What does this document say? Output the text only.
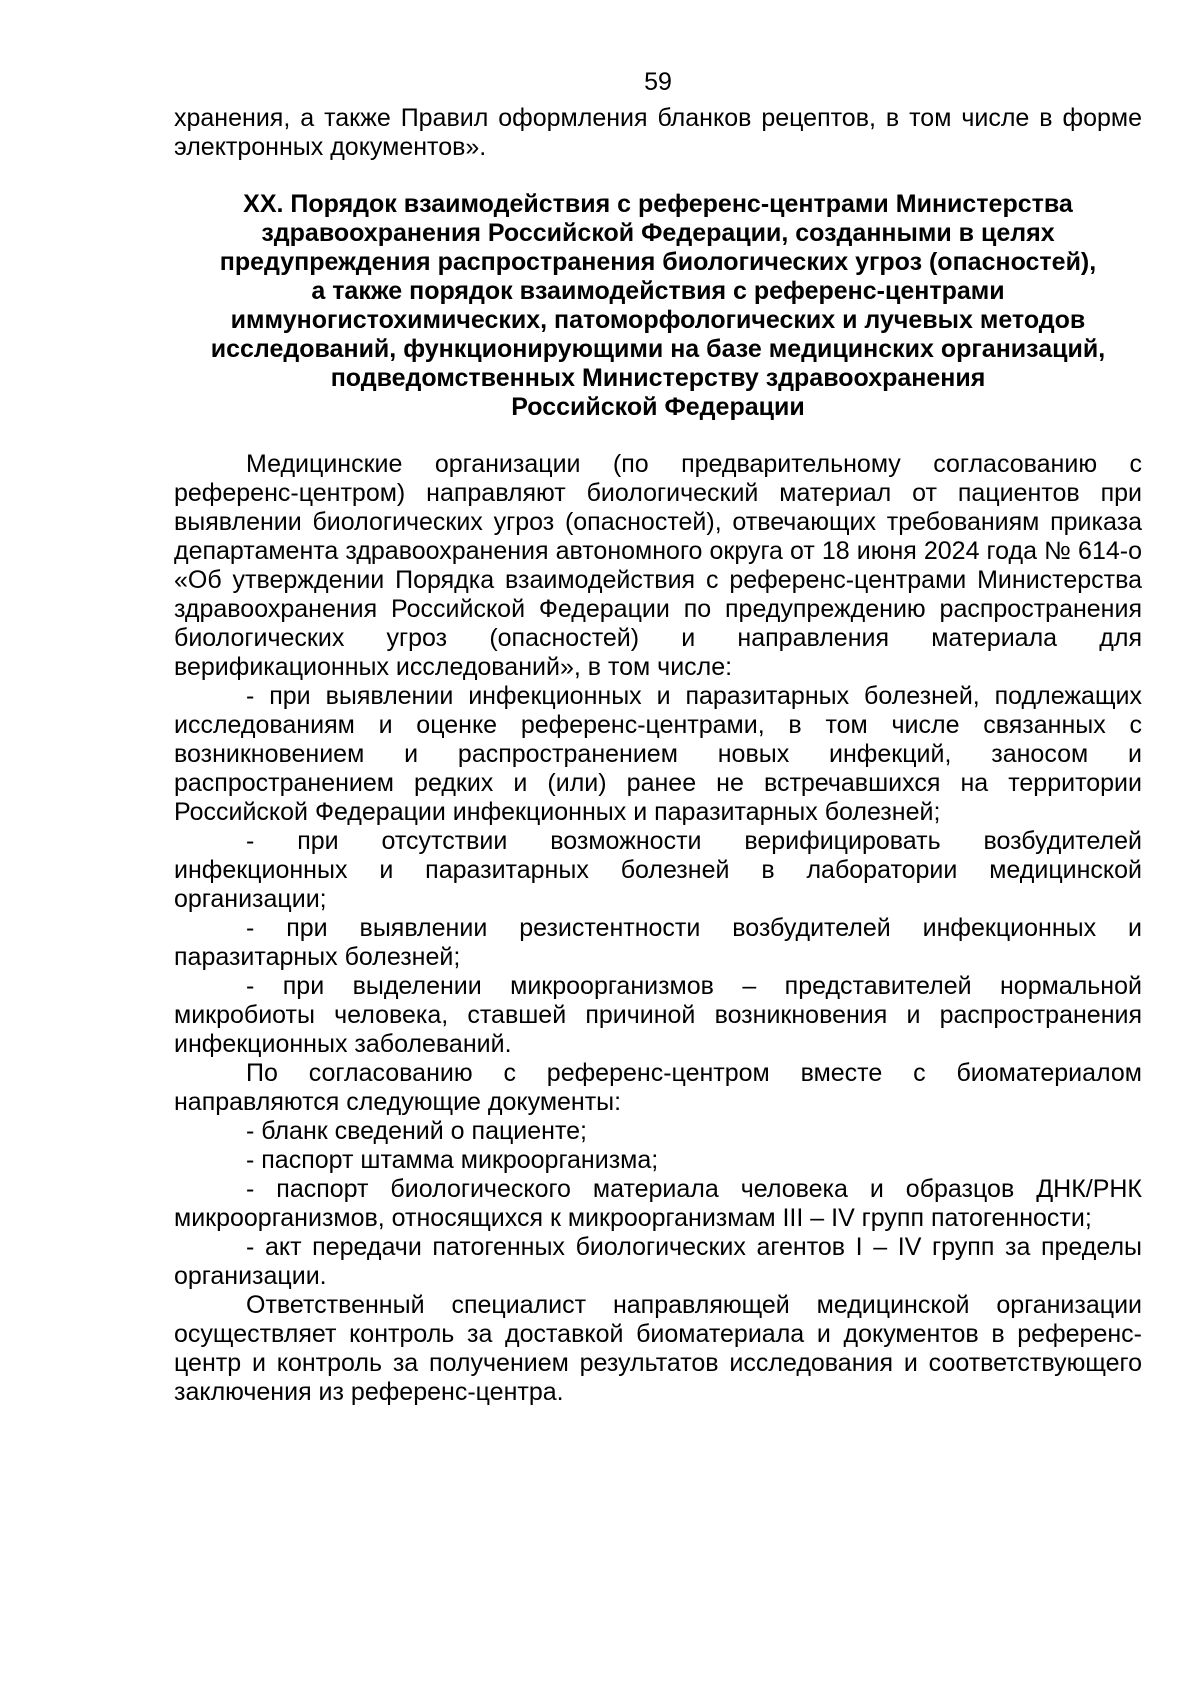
59

хранения, а также Правил оформления бланков рецептов, в том числе в форме электронных документов».

XX. Порядок взаимодействия с референс-центрами Министерства
здравоохранения Российской Федерации, созданными в целях
предупреждения распространения биологических угроз (опасностей),
а также порядок взаимодействия с референс-центрами
иммуногистохимических, патоморфологических и лучевых методов
исследований, функционирующими на базе медицинских организаций,
подведомственных Министерству здравоохранения
Российской Федерации

Медицинские организации (по предварительному согласованию с референс-центром) направляют биологический материал от пациентов при выявлении биологических угроз (опасностей), отвечающих требованиям приказа департамента здравоохранения автономного округа от 18 июня 2024 года № 614-о «Об утверждении Порядка взаимодействия с референс-центрами Министерства здравоохранения Российской Федерации по предупреждению распространения биологических угроз (опасностей) и направления материала для верификационных исследований», в том числе:

- при выявлении инфекционных и паразитарных болезней, подлежащих исследованиям и оценке референс-центрами, в том числе связанных с возникновением и распространением новых инфекций, заносом и распространением редких и (или) ранее не встречавшихся на территории Российской Федерации инфекционных и паразитарных болезней;

- при отсутствии возможности верифицировать возбудителей инфекционных и паразитарных болезней в лаборатории медицинской организации;

- при выявлении резистентности возбудителей инфекционных и паразитарных болезней;

- при выделении микроорганизмов – представителей нормальной микробиоты человека, ставшей причиной возникновения и распространения инфекционных заболеваний.

По согласованию с референс-центром вместе с биоматериалом направляются следующие документы:

- бланк сведений о пациенте;

- паспорт штамма микроорганизма;

- паспорт биологического материала человека и образцов ДНК/РНК микроорганизмов, относящихся к микроорганизмам III – IV групп патогенности;

- акт передачи патогенных биологических агентов I – IV групп за пределы организации.

Ответственный специалист направляющей медицинской организации осуществляет контроль за доставкой биоматериала и документов в референс-центр и контроль за получением результатов исследования и соответствующего заключения из референс-центра.
